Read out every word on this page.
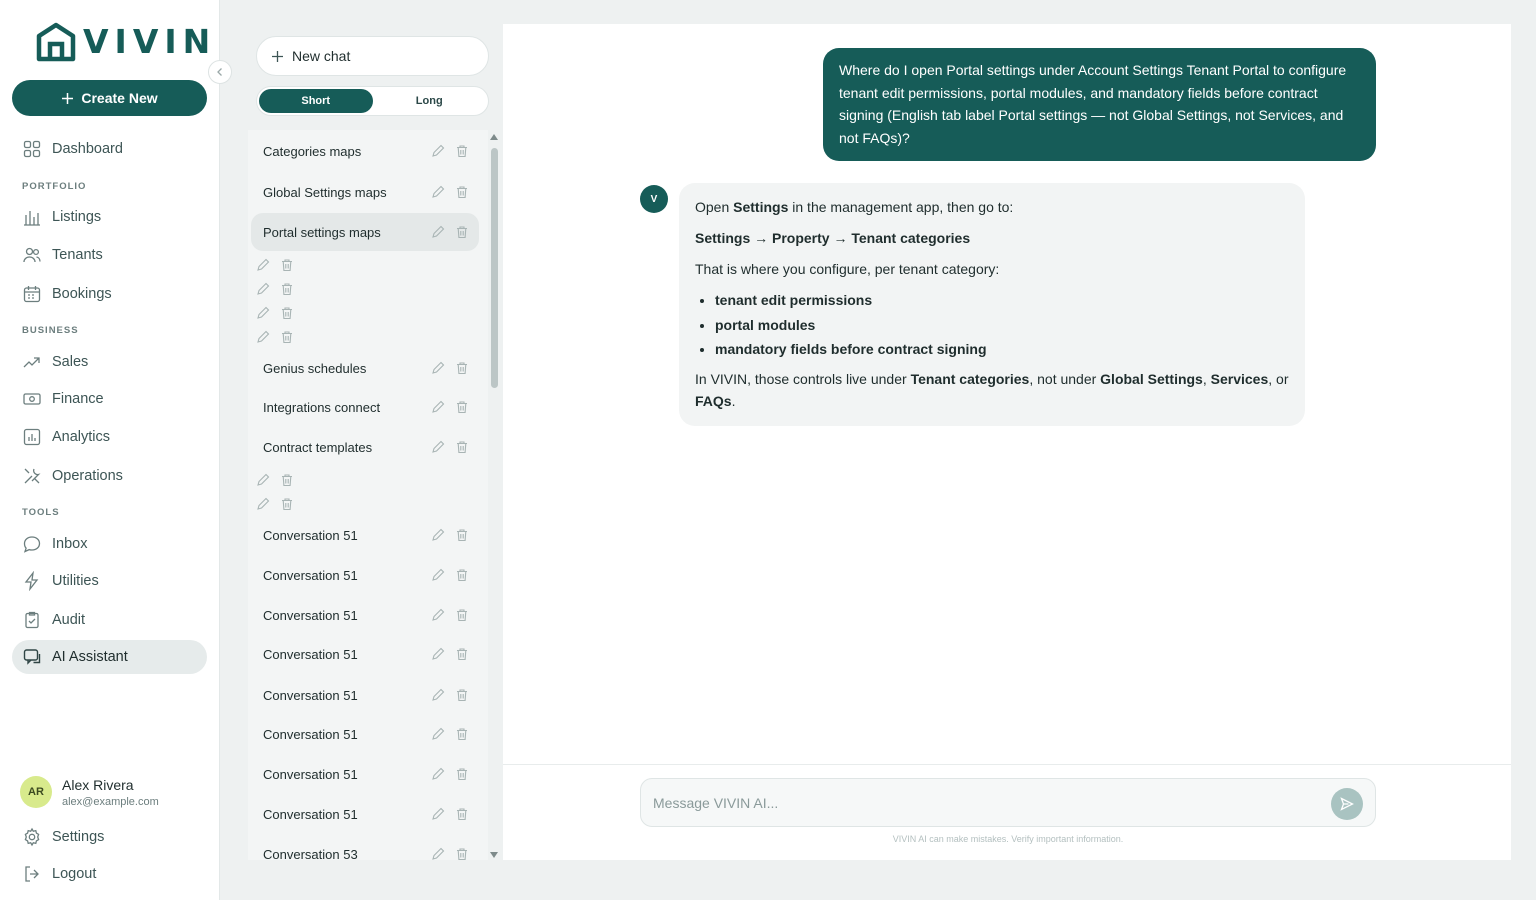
VIVIN
Create New
Dashboard
PORTFOLIO
Listings
Tenants
Bookings
BUSINESS
Sales
Finance
Analytics
Operations
TOOLS
Inbox
Utilities
Audit
AI Assistant
AR	Alex Rivera
alex@example.com
Settings
Logout
New chat
Short	Long
Categories maps
Global Settings maps
Portal settings maps
Genius schedules
Integrations connect
Contract templates
Conversation 51
Conversation 51
Conversation 51
Conversation 51
Conversation 51
Conversation 51
Conversation 51
Conversation 51
Conversation 53
Where do I open Portal settings under Account Settings Tenant Portal to configure tenant edit permissions, portal modules, and mandatory fields before contract signing (English tab label Portal settings — not Global Settings, not Services, and not FAQs)?
V	Open Settings in the management app, then go to:

Settings → Property → Tenant categories

That is where you configure, per tenant category:

• tenant edit permissions
• portal modules
• mandatory fields before contract signing

In VIVIN, those controls live under Tenant categories, not under Global Settings, Services, or FAQs.

Message VIVIN AI...
VIVIN AI can make mistakes. Verify important information.
